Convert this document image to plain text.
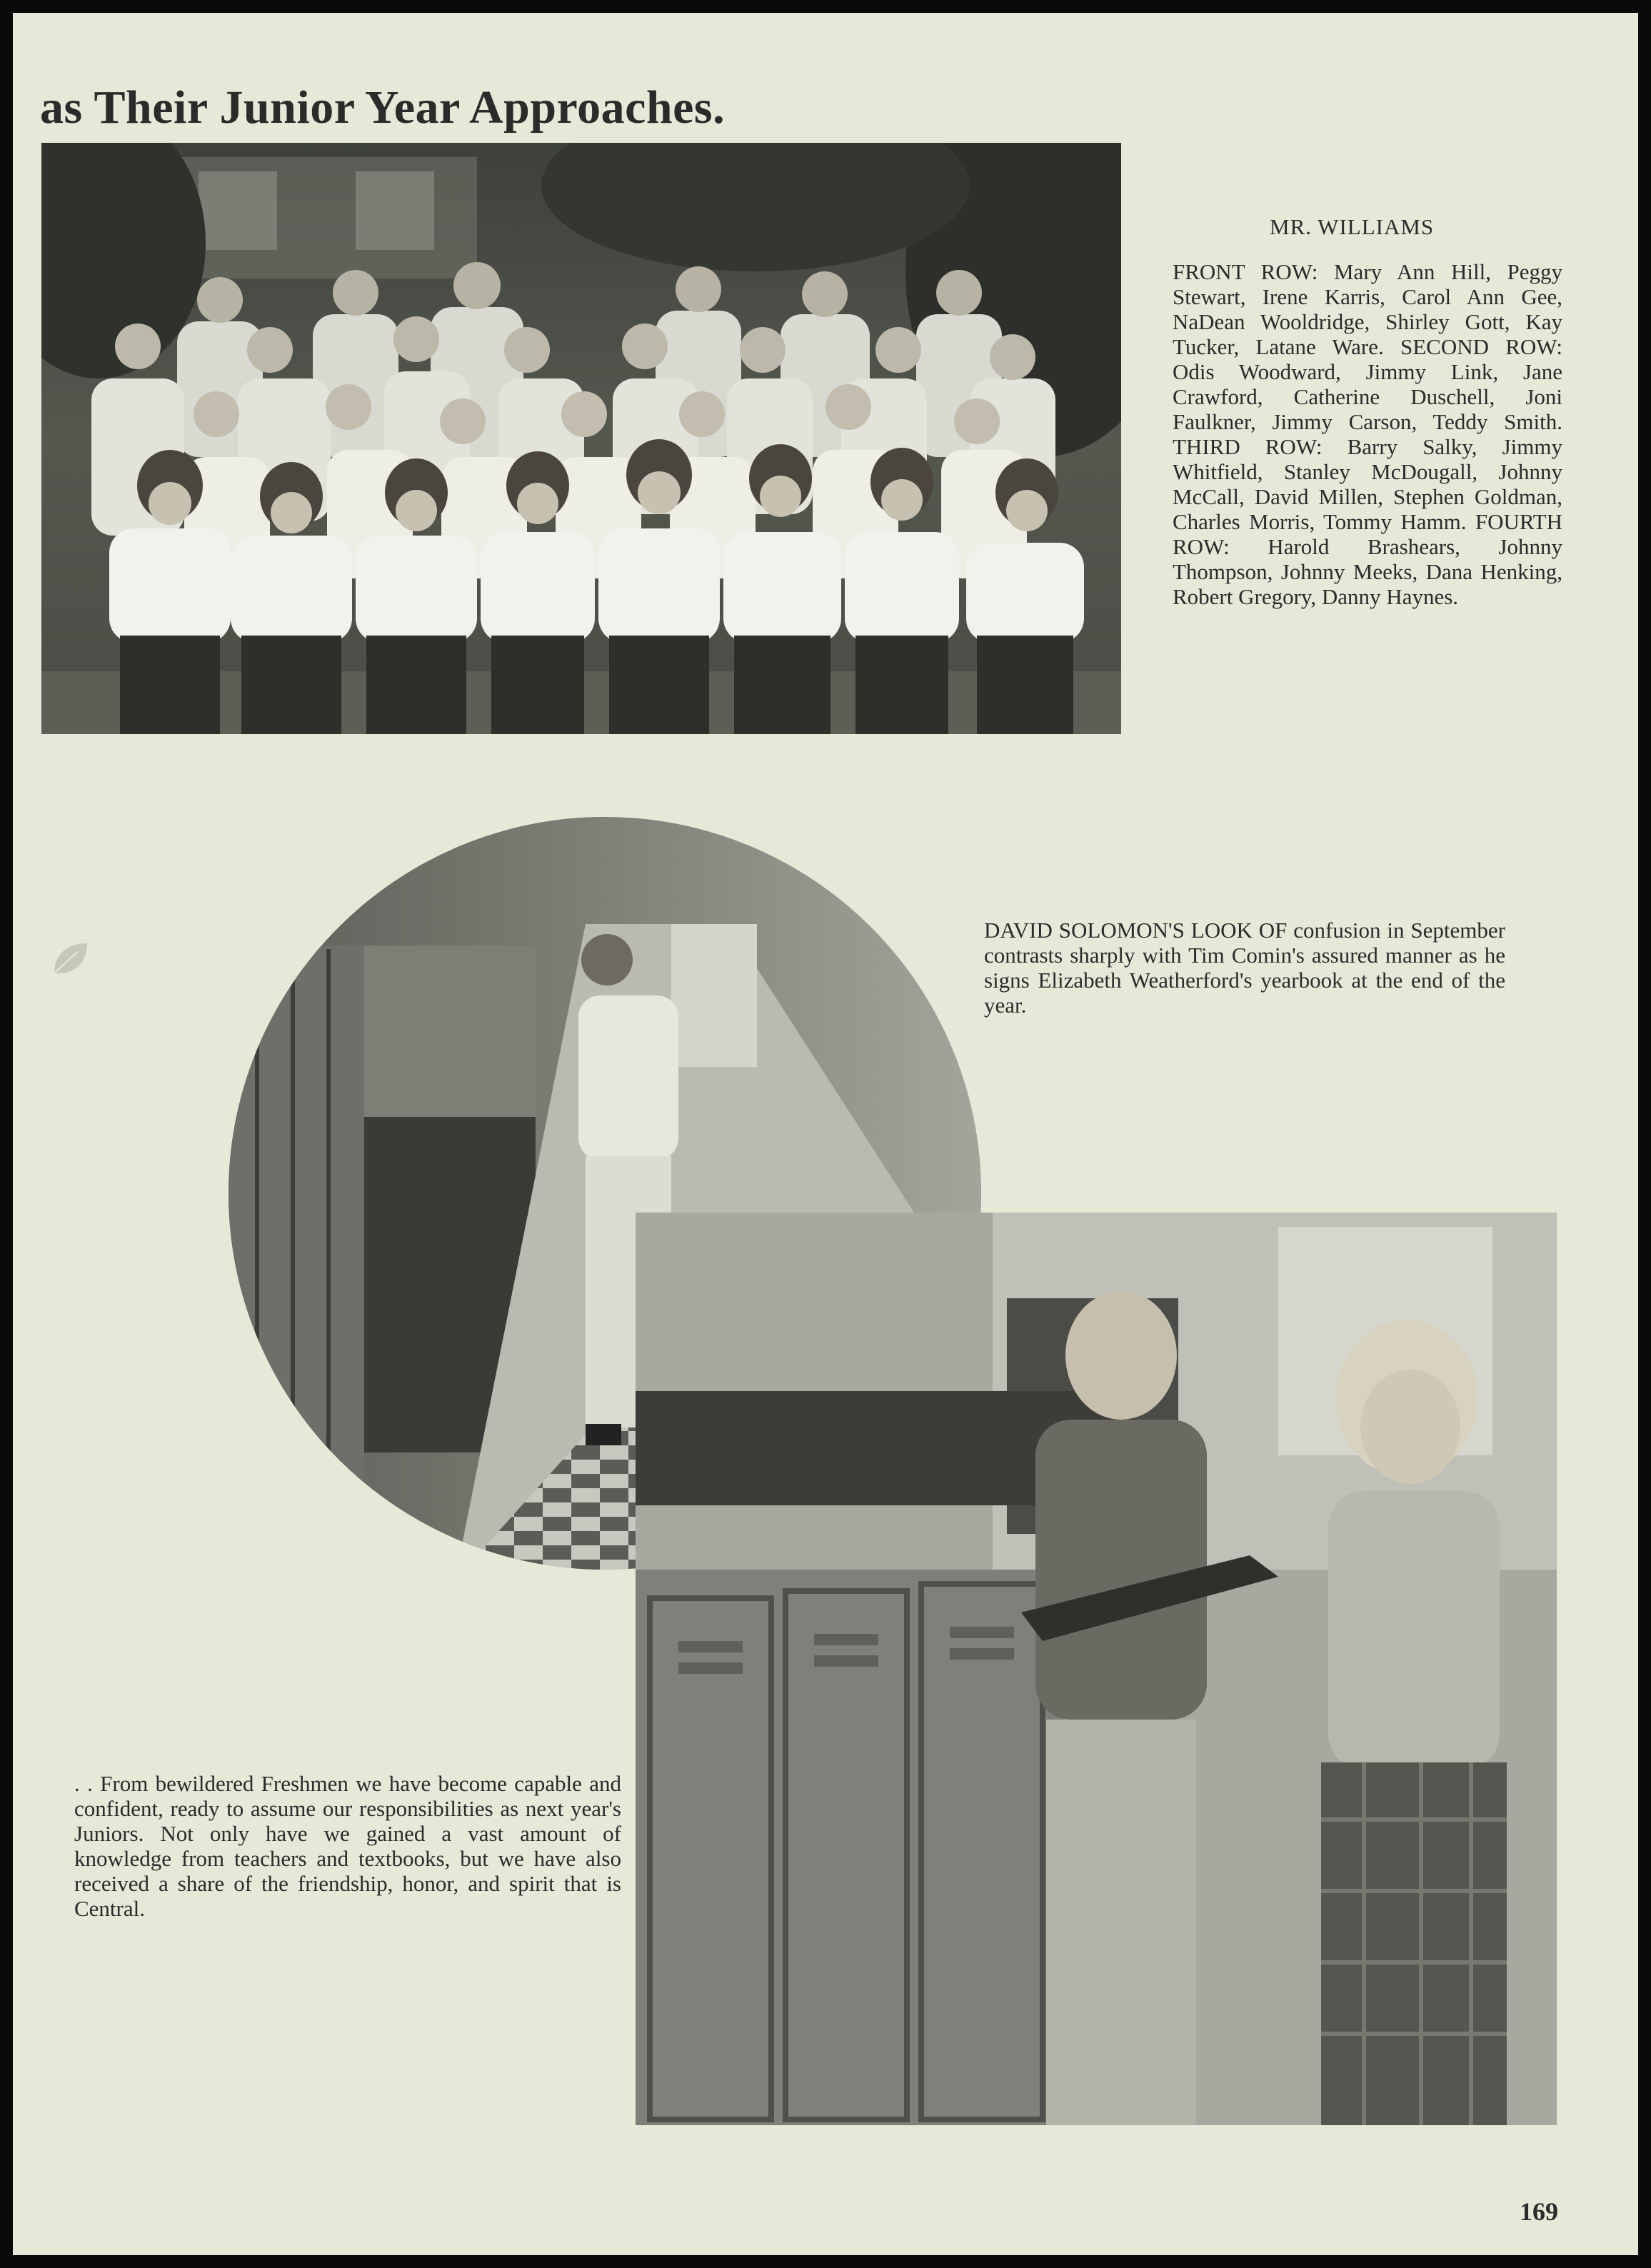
as Their Junior Year Approaches.
MR. WILLIAMS
FRONT ROW: Mary Ann Hill, Peggy Stewart, Irene Karris, Carol Ann Gee, NaDean Wooldridge, Shirley Gott, Kay Tucker, Latane Ware. SECOND ROW: Odis Woodward, Jimmy Link, Jane Crawford, Catherine Duschell, Joni Faulkner, Jimmy Carson, Teddy Smith. THIRD ROW: Barry Salky, Jimmy Whitfield, Stanley McDougall, Johnny McCall, David Millen, Stephen Goldman, Charles Morris, Tommy Hamm. FOURTH ROW: Harold Brashears, Johnny Thompson, Johnny Meeks, Dana Henking, Robert Gregory, Danny Haynes.
DAVID SOLOMON'S LOOK OF confusion in September contrasts sharply with Tim Comin's assured manner as he signs Elizabeth Weatherford's yearbook at the end of the year.
. . From bewildered Freshmen we have become capable and confident, ready to assume our responsibilities as next year's Juniors. Not only have we gained a vast amount of knowledge from teachers and textbooks, but we have also received a share of the friendship, honor, and spirit that is Central.
169
